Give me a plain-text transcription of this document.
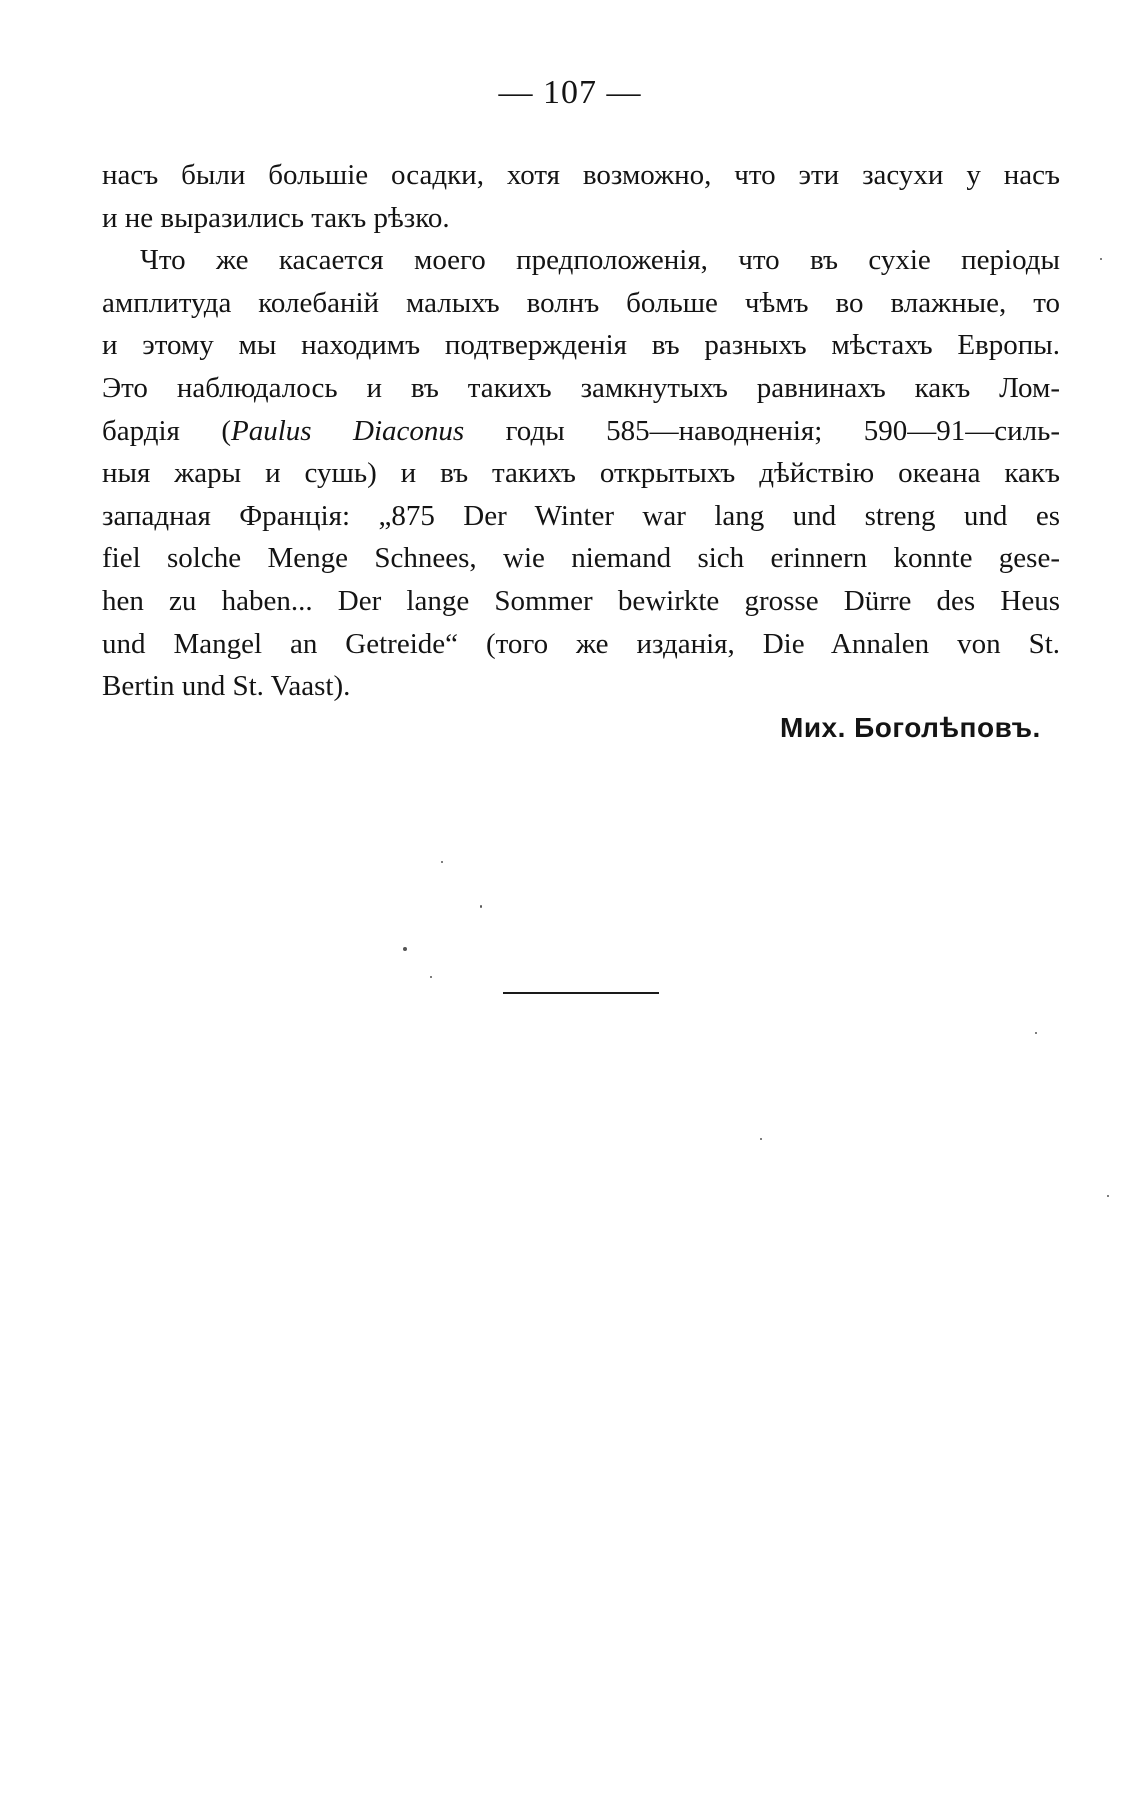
— 107 —
насъ были большіе осадки, хотя возможно, что эти засухи у насъ
и не выразились такъ рѣзко.
Что же касается моего предположенія, что въ сухіе періоды
амплитуда колебаній малыхъ волнъ больше чѣмъ во влажные, то
и этому мы находимъ подтвержденія въ разныхъ мѣстахъ Европы.
Это наблюдалось и въ такихъ замкнутыхъ равнинахъ какъ Лом-
бардія (Paulus Diaconus годы 585—наводненія; 590—91—силь-
ныя жары и сушь) и въ такихъ открытыхъ дѣйствію океана какъ
западная Франція: „875 Der Winter war lang und streng und es
fiel solche Menge Schnees, wie niemand sich erinnern konnte gese-
hen zu haben... Der lange Sommer bewirkte grosse Dürre des Heus
und Mangel an Getreide“ (того же изданія, Die Annalen von St.
Bertin und St. Vaast).
Мих. Боголѣповъ.
